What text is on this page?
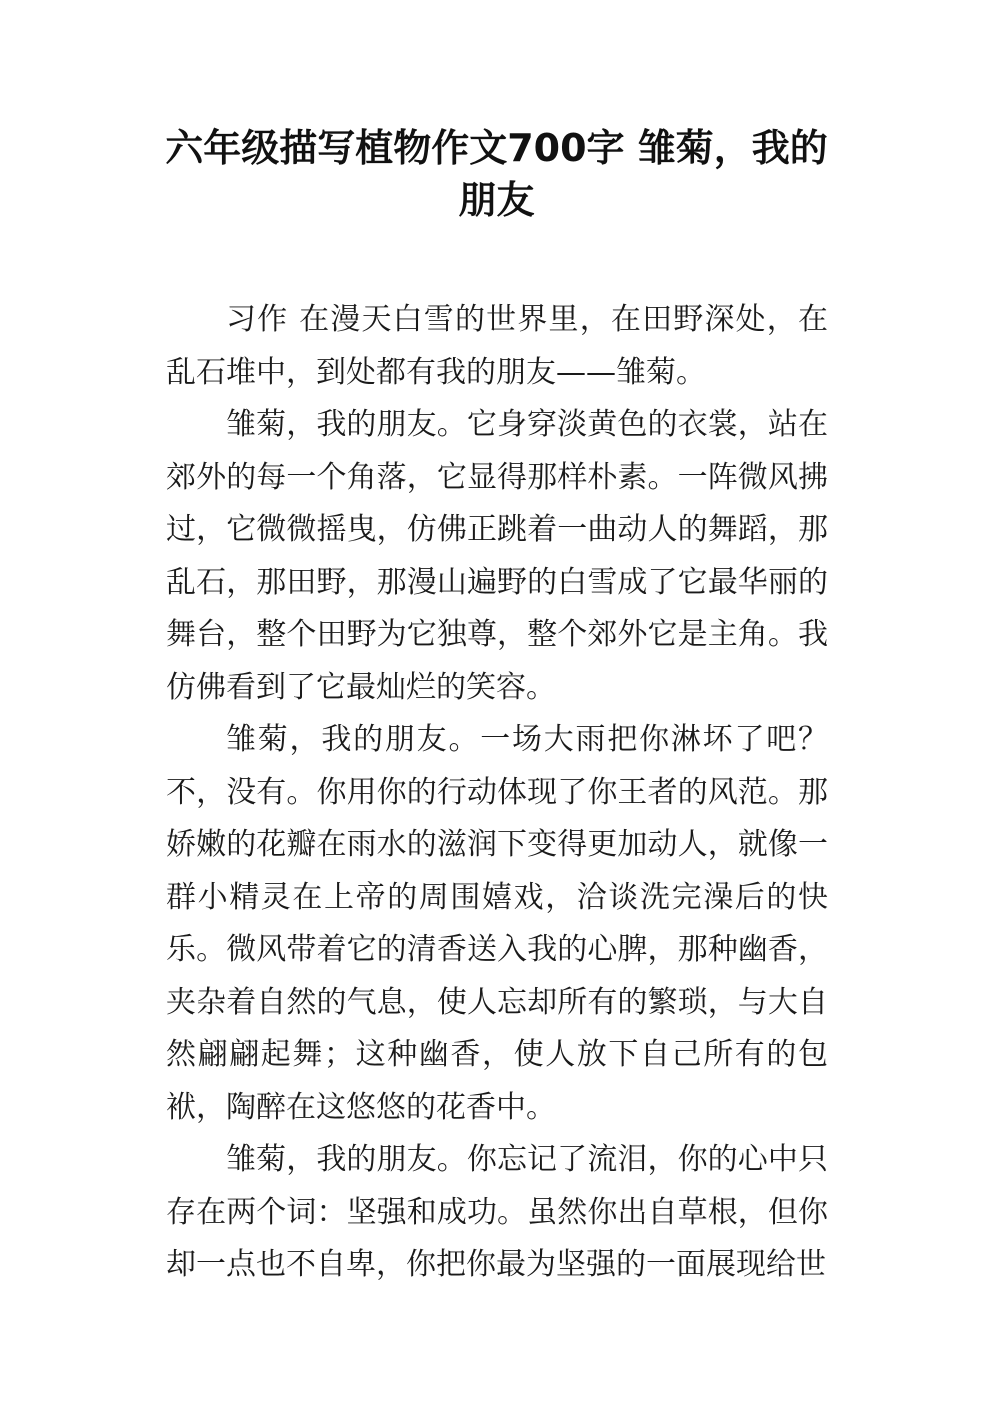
六年级描写植物作文700字 雏菊，我的朋友

习作 在漫天白雪的世界里，在田野深处，在乱石堆中，到处都有我的朋友——雏菊。

雏菊，我的朋友。它身穿淡黄色的衣裳，站在郊外的每一个角落，它显得那样朴素。一阵微风拂过，它微微摇曳，仿佛正跳着一曲动人的舞蹈，那乱石，那田野，那漫山遍野的白雪成了它最华丽的舞台，整个田野为它独尊，整个郊外它是主角。我仿佛看到了它最灿烂的笑容。

雏菊，我的朋友。一场大雨把你淋坏了吧？不，没有。你用你的行动体现了你王者的风范。那娇嫩的花瓣在雨水的滋润下变得更加动人，就像一群小精灵在上帝的周围嬉戏，洽谈洗完澡后的快乐。微风带着它的清香送入我的心脾，那种幽香，夹杂着自然的气息，使人忘却所有的繁琐，与大自然翩翩起舞；这种幽香，使人放下自己所有的包袱，陶醉在这悠悠的花香中。

雏菊，我的朋友。你忘记了流泪，你的心中只存在两个词：坚强和成功。虽然你出自草根，但你却一点也不自卑，你把你最为坚强的一面展现给世
